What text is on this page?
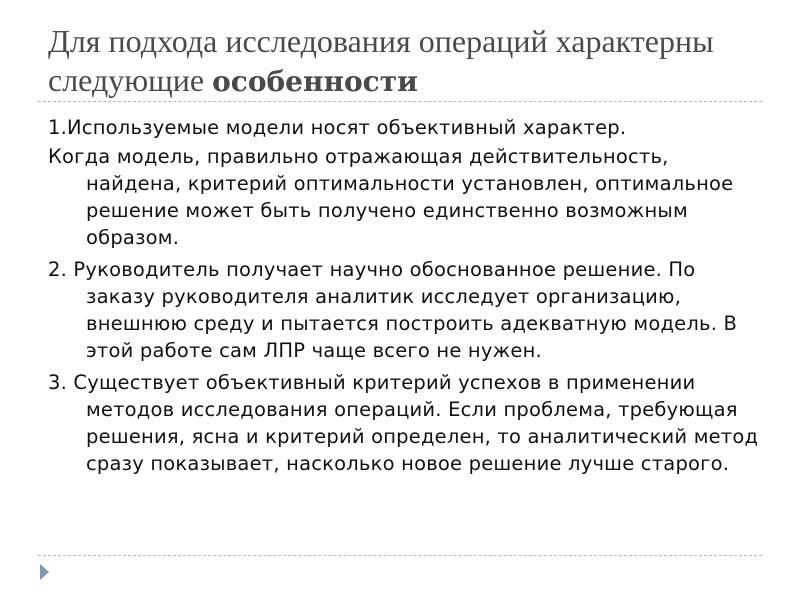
Для подхода исследования операций характерны следующие особенности

1.Используемые модели носят объективный характер.

Когда модель, правильно отражающая действительность, найдена, критерий оптимальности установлен, оптимальное решение может быть получено единственно возможным образом.

2. Руководитель получает научно обоснованное решение. По заказу руководителя аналитик исследует организацию, внешнюю среду и пытается построить адекватную модель. В этой работе сам ЛПР чаще всего не нужен.

3. Существует объективный критерий успехов в применении методов исследования операций. Если проблема, требующая решения, ясна и критерий определен, то аналитический метод сразу показывает, насколько новое решение лучше старого.
